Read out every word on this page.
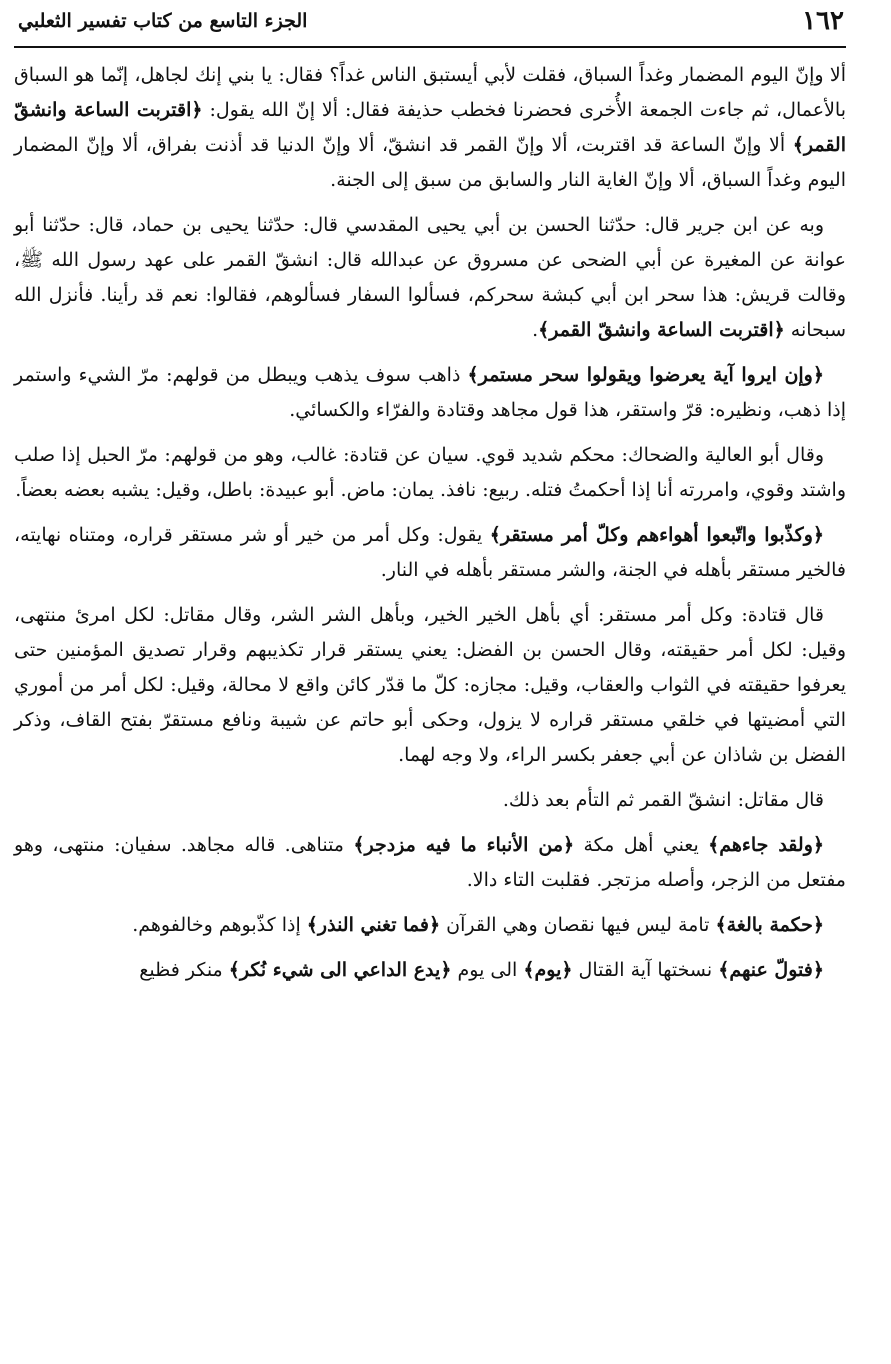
١٦٢
الجزء التاسع من كتاب تفسير الثعلبي

ألا وإنّ اليوم المضمار وغداً السباق، فقلت لأبي أيستبق الناس غداً؟ فقال: يا بني إنك لجاهل، إنّما هو السباق بالأعمال، ثم جاءت الجمعة الأُخرى فحضرنا فخطب حذيفة فقال: ألا إنّ الله يقول: ﴿اقتربت الساعة وانشقّ القمر﴾ ألا وإنّ الساعة قد اقتربت، ألا وإنّ القمر قد انشقّ، ألا وإنّ الدنيا قد أذنت بفراق، ألا وإنّ المضمار اليوم وغداً السباق، ألا وإنّ الغاية النار والسابق من سبق إلى الجنة.

وبه عن ابن جرير قال: حدّثنا الحسن بن أبي يحيى المقدسي قال: حدّثنا يحيى بن حماد، قال: حدّثنا أبو عوانة عن المغيرة عن أبي الضحى عن مسروق عن عبدالله قال: انشقّ القمر على عهد رسول الله ﷺ، وقالت قريش: هذا سحر ابن أبي كبشة سحركم، فسألوا السفار فسألوهم، فقالوا: نعم قد رأينا. فأنزل الله سبحانه ﴿اقتربت الساعة وانشقّ القمر﴾.

﴿وإن ايروا آية يعرضوا ويقولوا سحر مستمر﴾ ذاهب سوف يذهب ويبطل من قولهم: مرّ الشيء واستمر إذا ذهب، ونظيره: قرّ واستقر، هذا قول مجاهد وقتادة والفرّاء والكسائي.

وقال أبو العالية والضحاك: محكم شديد قوي. سيان عن قتادة: غالب، وهو من قولهم: مرّ الحبل إذا صلب واشتد وقوي، وامررته أنا إذا أحكمتُ فتله. ربيع: نافذ. يمان: ماض. أبو عبيدة: باطل، وقيل: يشبه بعضه بعضاً.

﴿وكذّبوا واتّبعوا أهواءهم وكلّ أمر مستقر﴾ يقول: وكل أمر من خير أو شر مستقر قراره، ومتناه نهايته، فالخير مستقر بأهله في الجنة، والشر مستقر بأهله في النار.

قال قتادة: وكل أمر مستقر: أي بأهل الخير الخير، وبأهل الشر الشر، وقال مقاتل: لكل امرئ منتهى، وقيل: لكل أمر حقيقته، وقال الحسن بن الفضل: يعني يستقر قرار تكذيبهم وقرار تصديق المؤمنين حتى يعرفوا حقيقته في الثواب والعقاب، وقيل: مجازه: كلّ ما قدّر كائن واقع لا محالة، وقيل: لكل أمر من أموري التي أمضيتها في خلقي مستقر قراره لا يزول، وحكى أبو حاتم عن شيبة ونافع مستقرّ بفتح القاف، وذكر الفضل بن شاذان عن أبي جعفر بكسر الراء، ولا وجه لهما.

قال مقاتل: انشقّ القمر ثم التأم بعد ذلك.

﴿ولقد جاءهم﴾ يعني أهل مكة ﴿من الأنباء ما فيه مزدجر﴾ متناهى. قاله مجاهد. سفيان: منتهى، وهو مفتعل من الزجر، وأصله مزتجر. فقلبت التاء دالا.

﴿حكمة بالغة﴾ تامة ليس فيها نقصان وهي القرآن ﴿فما تغني النذر﴾ إذا كذّبوهم وخالفوهم.

﴿فتولّ عنهم﴾ نسختها آية القتال ﴿يوم﴾ الى يوم ﴿يدع الداعي الى شيء نُكر﴾ منكر فظيع
